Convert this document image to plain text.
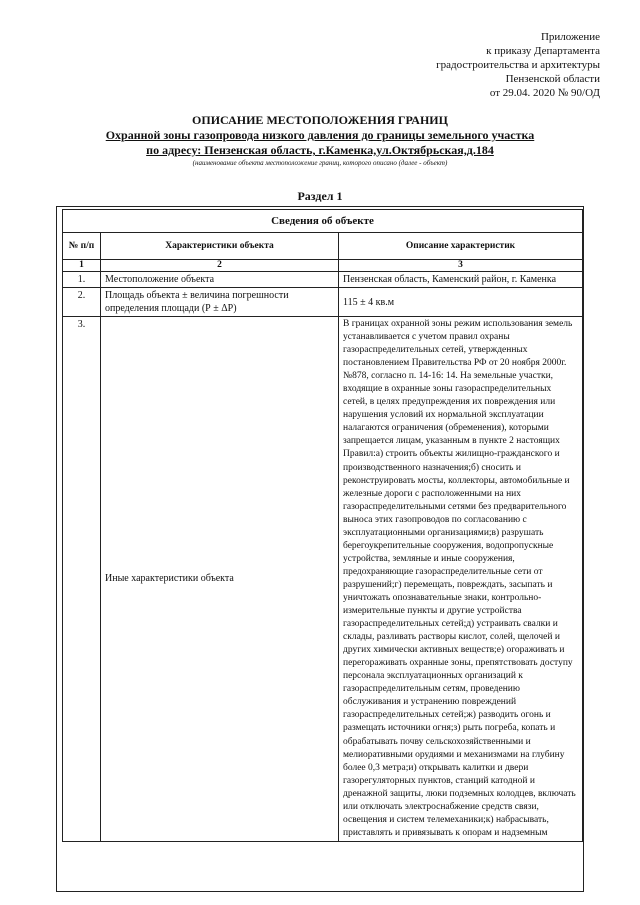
Приложение
к приказу Департамента
градостроительства и архитектуры
Пензенской области
от 29.04. 2020 № 90/ОД
ОПИСАНИЕ МЕСТОПОЛОЖЕНИЯ ГРАНИЦ
Охранной зоны газопровода низкого давления до границы земельного участка
по адресу: Пензенская область, г.Каменка,ул.Октябрьская,д.184
(наименование объекта местоположение границ, которого описано (далее - объект)
Раздел 1
Сведения об объекте		
№ п/п	Характеристики объекта	Описание характеристик
1	2	3
1.	Местоположение объекта	Пензенская область, Каменский район, г. Каменка
2.	Площадь объекта ± величина погрешности определения площади (Р ± ΔР)	115 ± 4 кв.м
3.	Иные характеристики объекта	В границах охранной зоны режим использования земель устанавливается с учетом правил охраны газораспределительных сетей, утвержденных постановлением Правительства РФ от 20 ноября 2000г. №878, согласно п. 14-16: 14. На земельные участки, входящие в охранные зоны газораспределительных сетей, в целях предупреждения их повреждения или нарушения условий их нормальной эксплуатации налагаются ограничения (обременения), которыми запрещается лицам, указанным в пункте 2 настоящих Правил:а) строить объекты жилищно-гражданского и производственного назначения;б) сносить и реконструировать мосты, коллекторы, автомобильные и железные дороги с расположенными на них газораспределительными сетями без предварительного выноса этих газопроводов по согласованию с эксплуатационными организациями;в) разрушать берегоукрепительные сооружения, водопропускные устройства, земляные и иные сооружения, предохраняющие газораспределительные сети от разрушений;г) перемещать, повреждать, засыпать и уничтожать опознавательные знаки, контрольно-измерительные пункты и другие устройства газораспределительных сетей;д) устраивать свалки и склады, разливать растворы кислот, солей, щелочей и других химически активных веществ;е) огораживать и перегораживать охранные зоны, препятствовать доступу персонала эксплуатационных организаций к газораспределительным сетям, проведению обслуживания и устранению повреждений газораспределительных сетей;ж) разводить огонь и размещать источники огня;з) рыть погреба, копать и обрабатывать почву сельскохозяйственными и мелиоративными орудиями и механизмами на глубину более 0,3 метра;и) открывать калитки и двери газорегуляторных пунктов, станций катодной и дренажной защиты, люки подземных колодцев, включать или отключать электроснабжение средств связи, освещения и систем телемеханики;к) набрасывать, приставлять и привязывать к опорам и надземным
